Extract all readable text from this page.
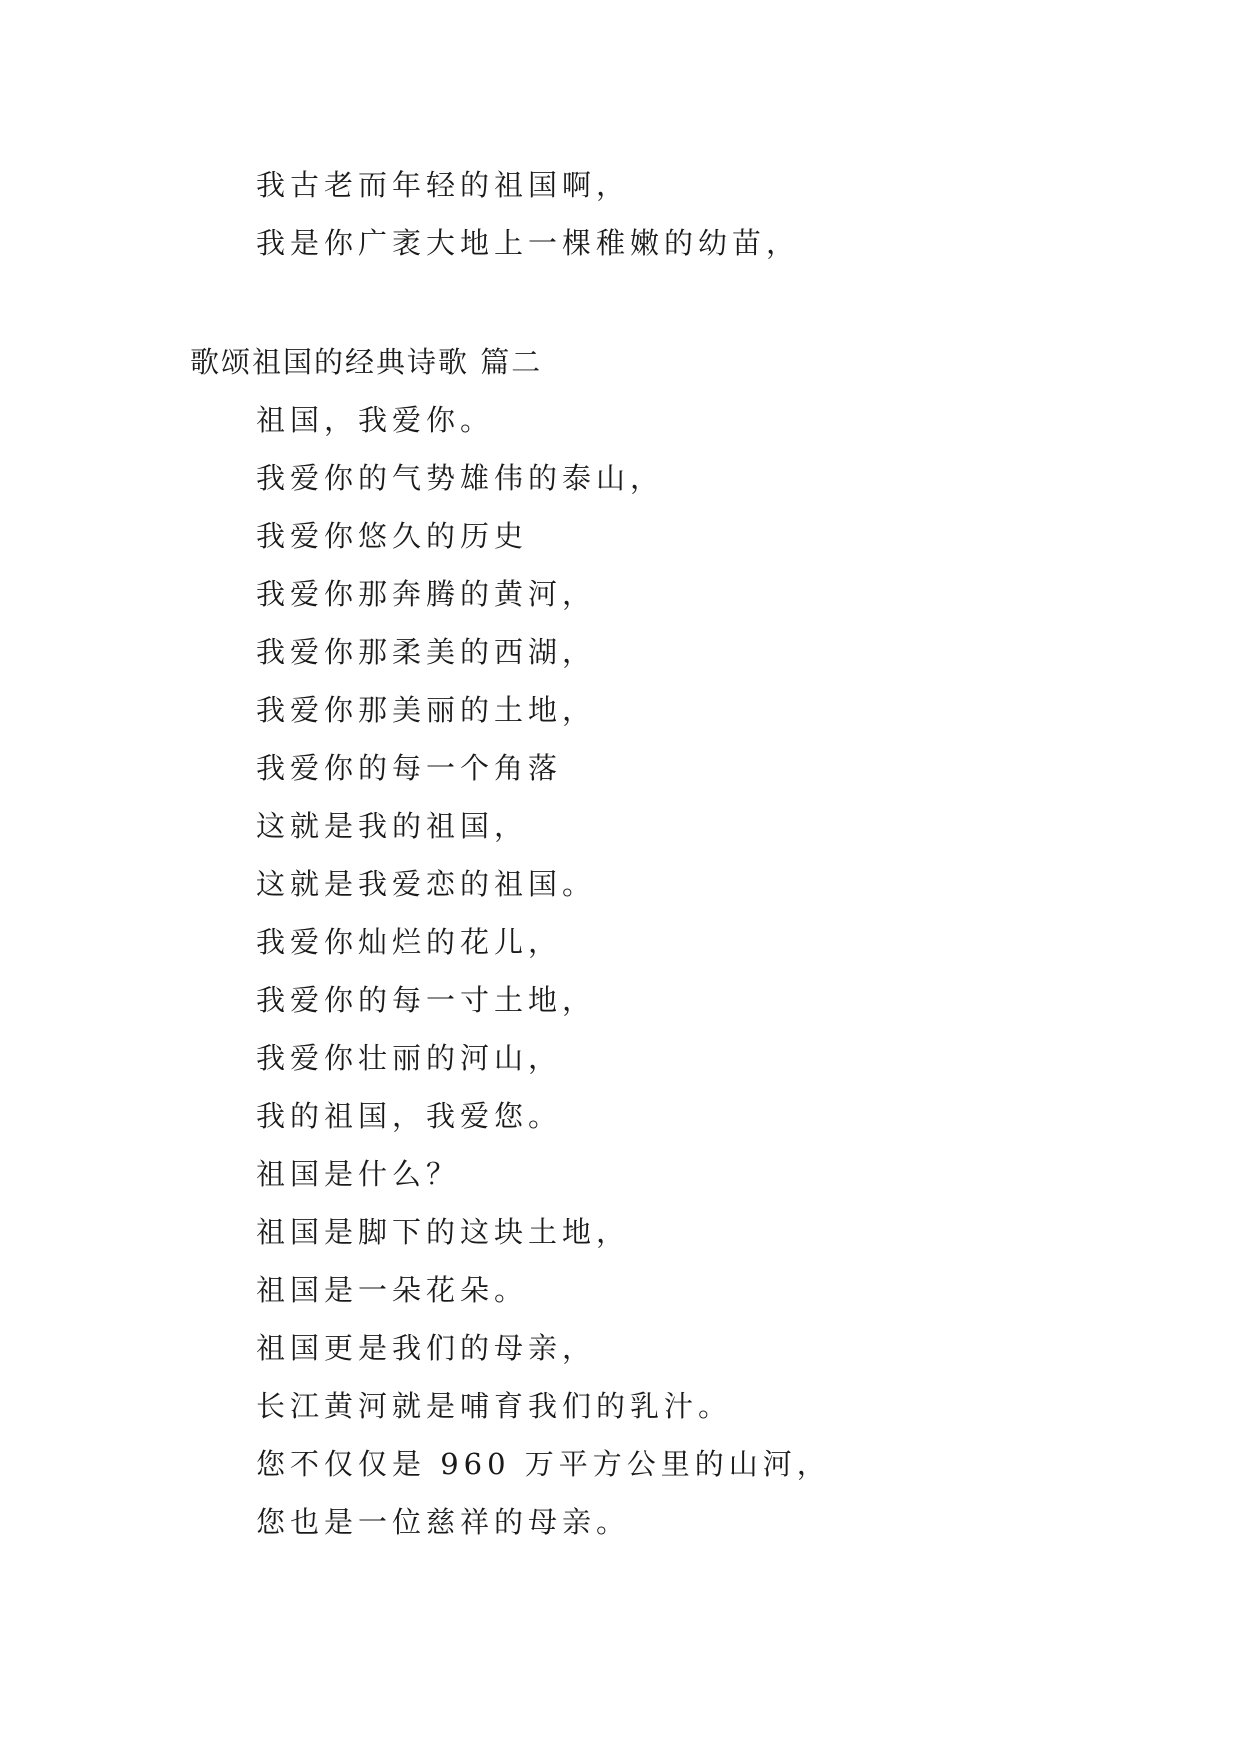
我古老而年轻的祖国啊，
我是你广袤大地上一棵稚嫩的幼苗，
歌颂祖国的经典诗歌 篇二
祖国，我爱你。
我爱你的气势雄伟的泰山，
我爱你悠久的历史
我爱你那奔腾的黄河，
我爱你那柔美的西湖，
我爱你那美丽的土地，
我爱你的每一个角落
这就是我的祖国，
这就是我爱恋的祖国。
我爱你灿烂的花儿，
我爱你的每一寸土地，
我爱你壮丽的河山，
我的祖国，我爱您。
祖国是什么？
祖国是脚下的这块土地，
祖国是一朵花朵。
祖国更是我们的母亲，
长江黄河就是哺育我们的乳汁。
您不仅仅是 960 万平方公里的山河，
您也是一位慈祥的母亲。
